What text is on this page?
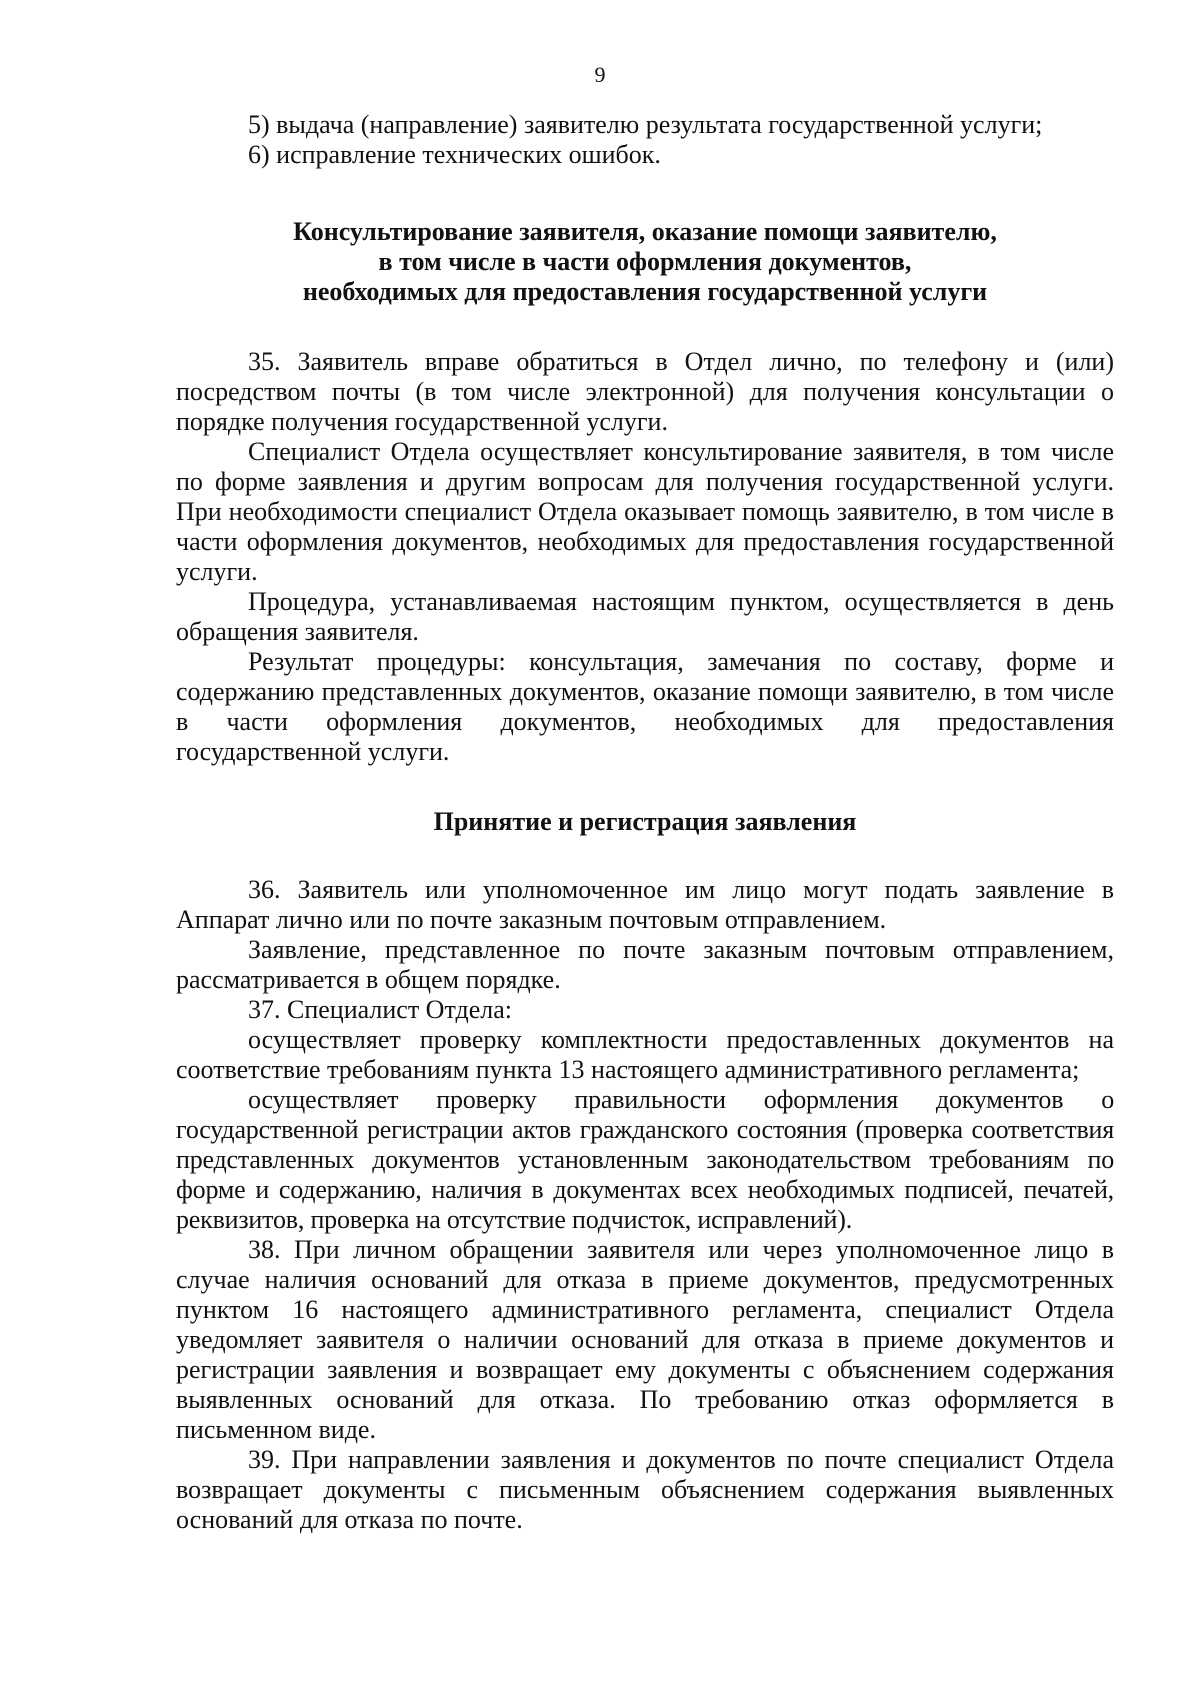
9

5) выдача (направление) заявителю результата государственной услуги;

6) исправление технических ошибок.

Консультирование заявителя, оказание помощи заявителю,
в том числе в части оформления документов,
необходимых для предоставления государственной услуги

35. Заявитель вправе обратиться в Отдел лично, по телефону и (или) посредством почты (в том числе электронной) для получения консультации о порядке получения государственной услуги.

Специалист Отдела осуществляет консультирование заявителя, в том числе по форме заявления и другим вопросам для получения государственной услуги. При необходимости специалист Отдела оказывает помощь заявителю, в том числе в части оформления документов, необходимых для предоставления государственной услуги.

Процедура, устанавливаемая настоящим пунктом, осуществляется в день обращения заявителя.

Результат процедуры: консультация, замечания по составу, форме и содержанию представленных документов, оказание помощи заявителю, в том числе в части оформления документов, необходимых для предоставления государственной услуги.

Принятие и регистрация заявления

36. Заявитель или уполномоченное им лицо могут подать заявление в Аппарат лично или по почте заказным почтовым отправлением.

Заявление, представленное по почте заказным почтовым отправлением, рассматривается в общем порядке.

37. Специалист Отдела:

осуществляет проверку комплектности предоставленных документов на соответствие требованиям пункта 13 настоящего административного регламента;

осуществляет проверку правильности оформления документов о государственной регистрации актов гражданского состояния (проверка соответствия представленных документов установленным законодательством требованиям по форме и содержанию, наличия в документах всех необходимых подписей, печатей, реквизитов, проверка на отсутствие подчисток, исправлений).

38. При личном обращении заявителя или через уполномоченное лицо в случае наличия оснований для отказа в приеме документов, предусмотренных пунктом 16 настоящего административного регламента, специалист Отдела уведомляет заявителя о наличии оснований для отказа в приеме документов и регистрации заявления и возвращает ему документы с объяснением содержания выявленных оснований для отказа. По требованию отказ оформляется в письменном виде.

39. При направлении заявления и документов по почте специалист Отдела возвращает документы с письменным объяснением содержания выявленных оснований для отказа по почте.
